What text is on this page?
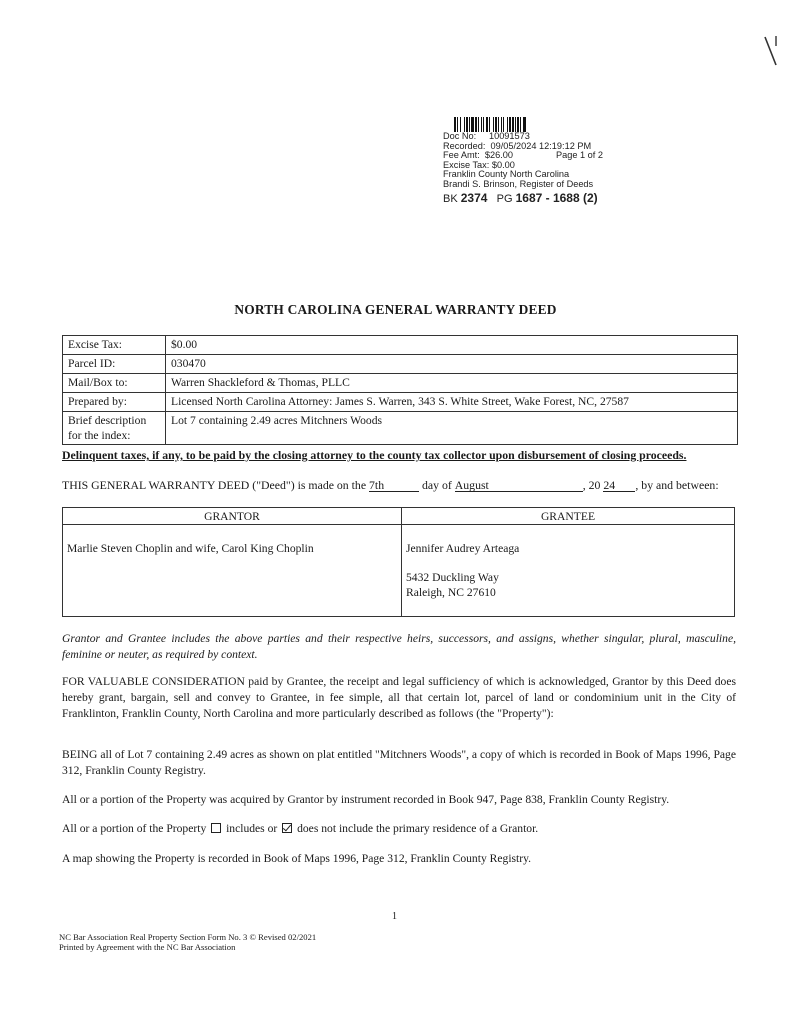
Doc No: 10091573
Recorded: 09/05/2024 12:19:12 PM
Fee Amt: $26.00	Page 1 of 2
Excise Tax: $0.00
Franklin County North Carolina
Brandi S. Brinson, Register of Deeds
BK 2374 PG 1687 - 1688 (2)
NORTH CAROLINA GENERAL WARRANTY DEED
Excise Tax:	$0.00
Parcel ID:	030470
Mail/Box to:	Warren Shackleford & Thomas, PLLC
Prepared by:	Licensed North Carolina Attorney: James S. Warren, 343 S. White Street, Wake Forest, NC, 27587
Brief description for the index:	Lot 7 containing 2.49 acres Mitchners Woods
Delinquent taxes, if any, to be paid by the closing attorney to the county tax collector upon disbursement of closing proceeds.
THIS GENERAL WARRANTY DEED ("Deed") is made on the 7th	day of August	, 20 24 , by and between:
GRANTOR	GRANTEE

Marlie Steven Choplin and wife, Carol King Choplin	Jennifer Audrey Arteaga
5432 Duckling Way
Raleigh, NC 27610
Grantor and Grantee includes the above parties and their respective heirs, successors, and assigns, whether singular, plural, masculine, feminine or neuter, as required by context.
FOR VALUABLE CONSIDERATION paid by Grantee, the receipt and legal sufficiency of which is acknowledged, Grantor by this Deed does hereby grant, bargain, sell and convey to Grantee, in fee simple, all that certain lot, parcel of land or condominium unit in the City of Franklinton, Franklin County, North Carolina and more particularly described as follows (the "Property"):
BEING all of Lot 7 containing 2.49 acres as shown on plat entitled "Mitchners Woods", a copy of which is recorded in Book of Maps 1996, Page 312, Franklin County Registry.
All or a portion of the Property was acquired by Grantor by instrument recorded in Book 947, Page 838, Franklin County Registry.
All or a portion of the Property includes or does not include the primary residence of a Grantor.
A map showing the Property is recorded in Book of Maps 1996, Page 312, Franklin County Registry.
1
NC Bar Association Real Property Section Form No. 3 © Revised 02/2021
Printed by Agreement with the NC Bar Association
